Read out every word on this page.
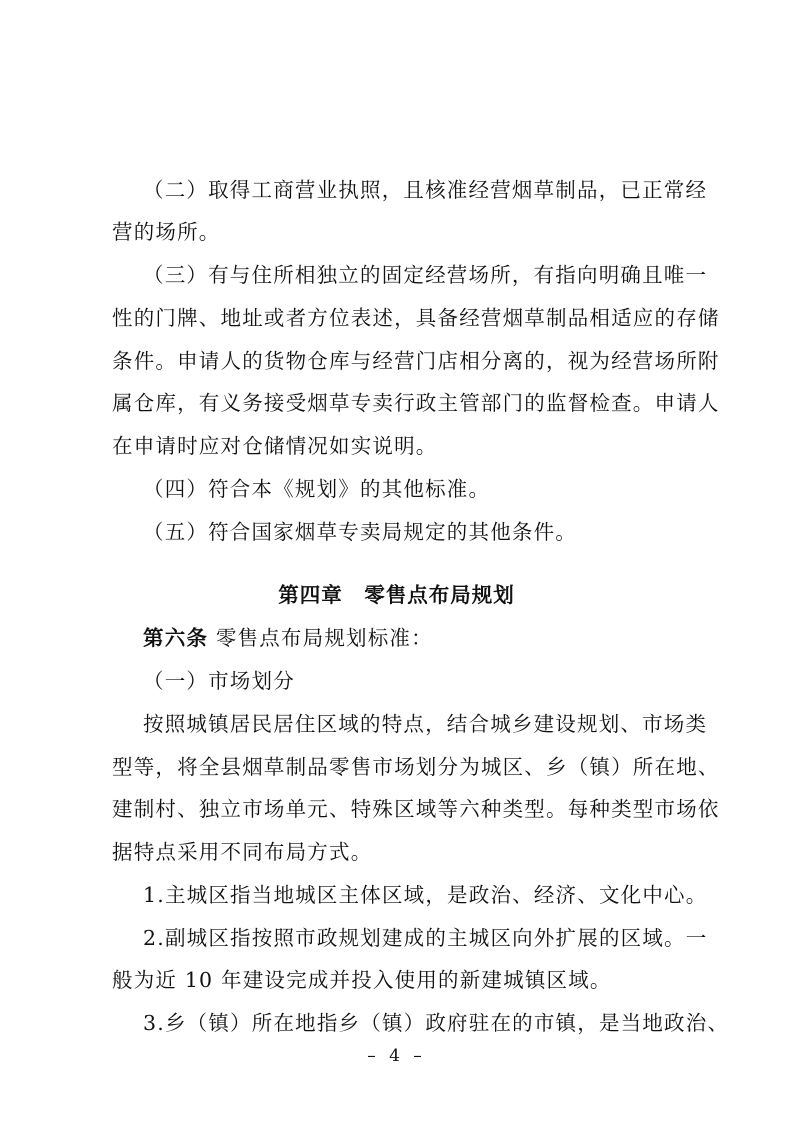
（二）取得工商营业执照，且核准经营烟草制品，已正常经
营的场所。
（三）有与住所相独立的固定经营场所，有指向明确且唯一
性的门牌、地址或者方位表述，具备经营烟草制品相适应的存储
条件。申请人的货物仓库与经营门店相分离的，视为经营场所附
属仓库，有义务接受烟草专卖行政主管部门的监督检查。申请人
在申请时应对仓储情况如实说明。
（四）符合本《规划》的其他标准。
（五）符合国家烟草专卖局规定的其他条件。
第四章　零售点布局规划
第六条 零售点布局规划标准：
（一）市场划分
按照城镇居民居住区域的特点，结合城乡建设规划、市场类
型等，将全县烟草制品零售市场划分为城区、乡（镇）所在地、
建制村、独立市场单元、特殊区域等六种类型。每种类型市场依
据特点采用不同布局方式。
1.主城区指当地城区主体区域，是政治、经济、文化中心。
2.副城区指按照市政规划建成的主城区向外扩展的区域。一
般为近 10 年建设完成并投入使用的新建城镇区域。
3.乡（镇）所在地指乡（镇）政府驻在的市镇，是当地政治、
– 4 –
